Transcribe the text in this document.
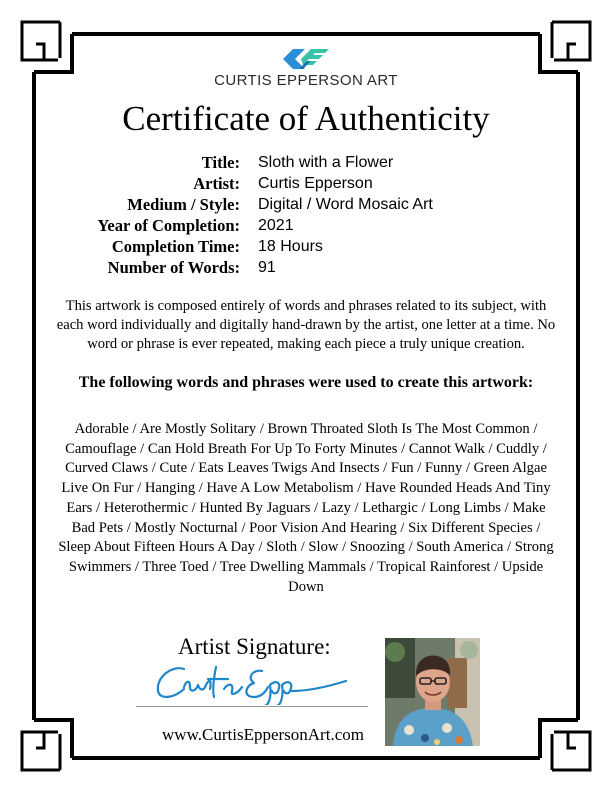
CURTIS EPPERSON ART
Certificate of Authenticity
Title: Sloth with a Flower
Artist: Curtis Epperson
Medium / Style: Digital / Word Mosaic Art
Year of Completion: 2021
Completion Time: 18 Hours
Number of Words: 91
This artwork is composed entirely of words and phrases related to its subject, with each word individually and digitally hand-drawn by the artist, one letter at a time. No word or phrase is ever repeated, making each piece a truly unique creation.
The following words and phrases were used to create this artwork:
Adorable / Are Mostly Solitary / Brown Throated Sloth Is The Most Common / Camouflage / Can Hold Breath For Up To Forty Minutes / Cannot Walk / Cuddly / Curved Claws / Cute / Eats Leaves Twigs And Insects / Fun / Funny / Green Algae Live On Fur / Hanging / Have A Low Metabolism / Have Rounded Heads And Tiny Ears / Heterothermic / Hunted By Jaguars / Lazy / Lethargic / Long Limbs / Make Bad Pets / Mostly Nocturnal / Poor Vision And Hearing / Six Different Species / Sleep About Fifteen Hours A Day / Sloth / Slow / Snoozing / South America / Strong Swimmers / Three Toed / Tree Dwelling Mammals / Tropical Rainforest / Upside Down
Artist Signature:
www.CurtisEppersonArt.com
